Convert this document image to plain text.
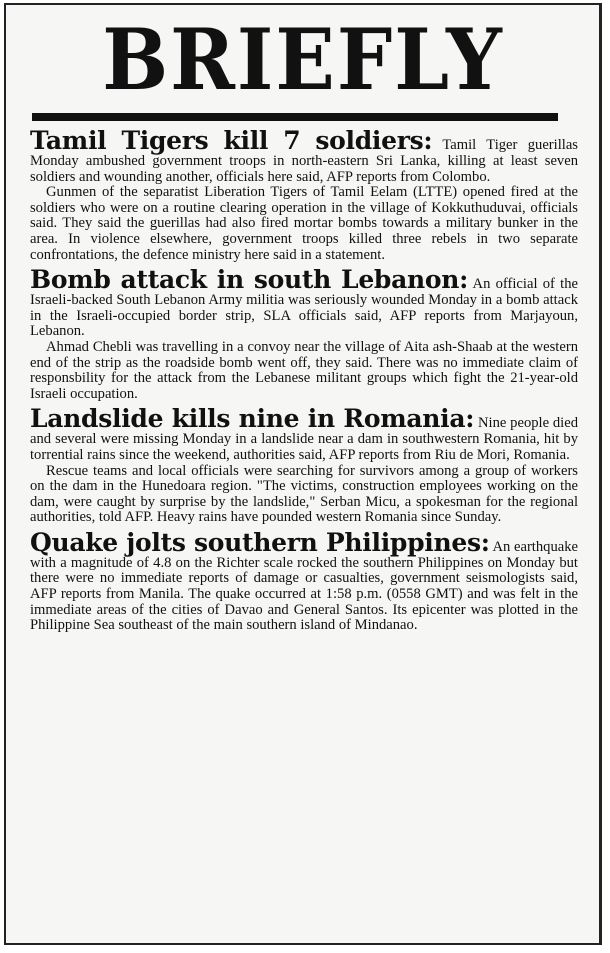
BRIEFLY

Tamil Tigers kill 7 soldiers: Tamil Tiger guerillas Monday ambushed government troops in north-eastern Sri Lanka, killing at least seven soldiers and wounding another, officials here said, AFP reports from Colombo.

Gunmen of the separatist Liberation Tigers of Tamil Eelam (LTTE) opened fired at the soldiers who were on a routine clearing operation in the village of Kokkuthuduvai, officials said. They said the guerillas had also fired mortar bombs towards a military bunker in the area. In violence elsewhere, government troops killed three rebels in two separate confrontations, the defence ministry here said in a statement.

Bomb attack in south Lebanon: An official of the Israeli-backed South Lebanon Army militia was seriously wounded Monday in a bomb attack in the Israeli-occupied border strip, SLA officials said, AFP reports from Marjayoun, Lebanon.

Ahmad Chebli was travelling in a convoy near the village of Aita ash-Shaab at the western end of the strip as the roadside bomb went off, they said. There was no immediate claim of responsbility for the attack from the Lebanese militant groups which fight the 21-year-old Israeli occupation.

Landslide kills nine in Romania: Nine people died and several were missing Monday in a landslide near a dam in southwestern Romania, hit by torrential rains since the weekend, authorities said, AFP reports from Riu de Mori, Romania.

Rescue teams and local officials were searching for survivors among a group of workers on the dam in the Hunedoara region. "The victims, construction employees working on the dam, were caught by surprise by the landslide," Serban Micu, a spokesman for the regional authorities, told AFP. Heavy rains have pounded western Romania since Sunday.

Quake jolts southern Philippines: An earthquake with a magnitude of 4.8 on the Richter scale rocked the southern Philippines on Monday but there were no immediate reports of damage or casualties, government seismologists said, AFP reports from Manila. The quake occurred at 1:58 p.m. (0558 GMT) and was felt in the immediate areas of the cities of Davao and General Santos. Its epicenter was plotted in the Philippine Sea southeast of the main southern island of Mindanao.
